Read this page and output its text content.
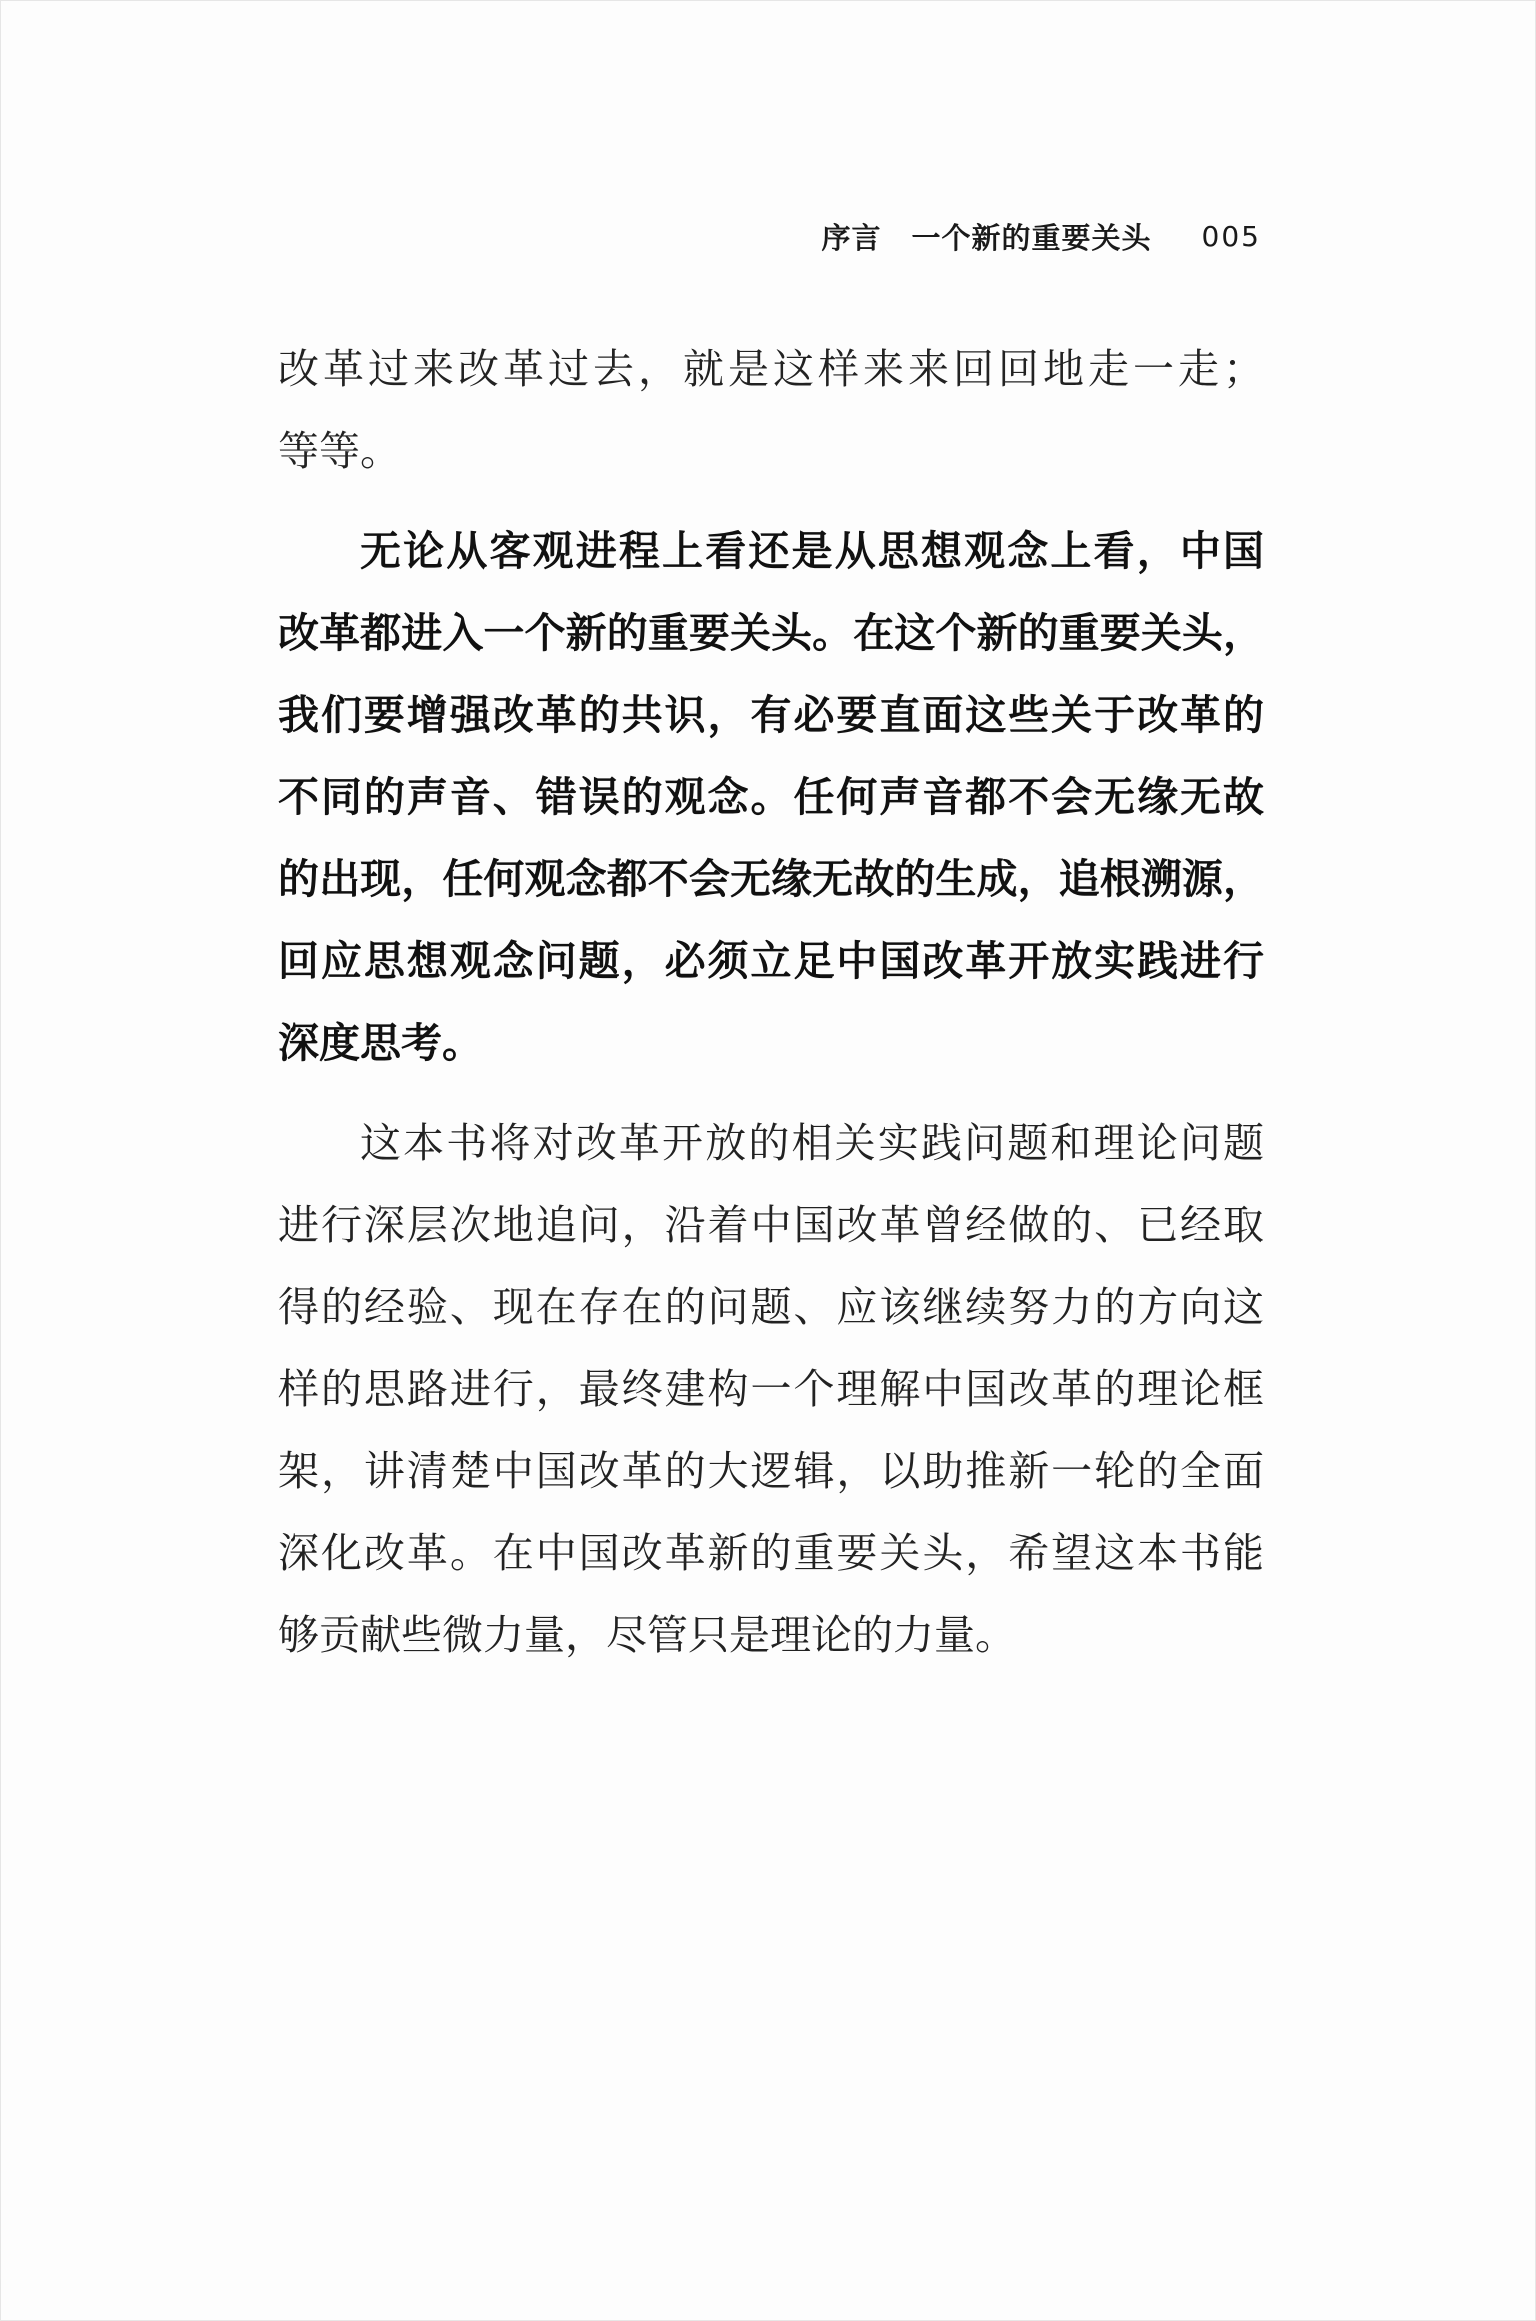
序言 一个新的重要关头 005
改革过来改革过去，就是这样来来回回地走一走；
等等。
无论从客观进程上看还是从思想观念上看，中国
改革都进入一个新的重要关头。在这个新的重要关头，
我们要增强改革的共识，有必要直面这些关于改革的
不同的声音、错误的观念。任何声音都不会无缘无故
的出现，任何观念都不会无缘无故的生成，追根溯源，
回应思想观念问题，必须立足中国改革开放实践进行
深度思考。
这本书将对改革开放的相关实践问题和理论问题
进行深层次地追问，沿着中国改革曾经做的、已经取
得的经验、现在存在的问题、应该继续努力的方向这
样的思路进行，最终建构一个理解中国改革的理论框
架，讲清楚中国改革的大逻辑，以助推新一轮的全面
深化改革。在中国改革新的重要关头，希望这本书能
够贡献些微力量，尽管只是理论的力量。
